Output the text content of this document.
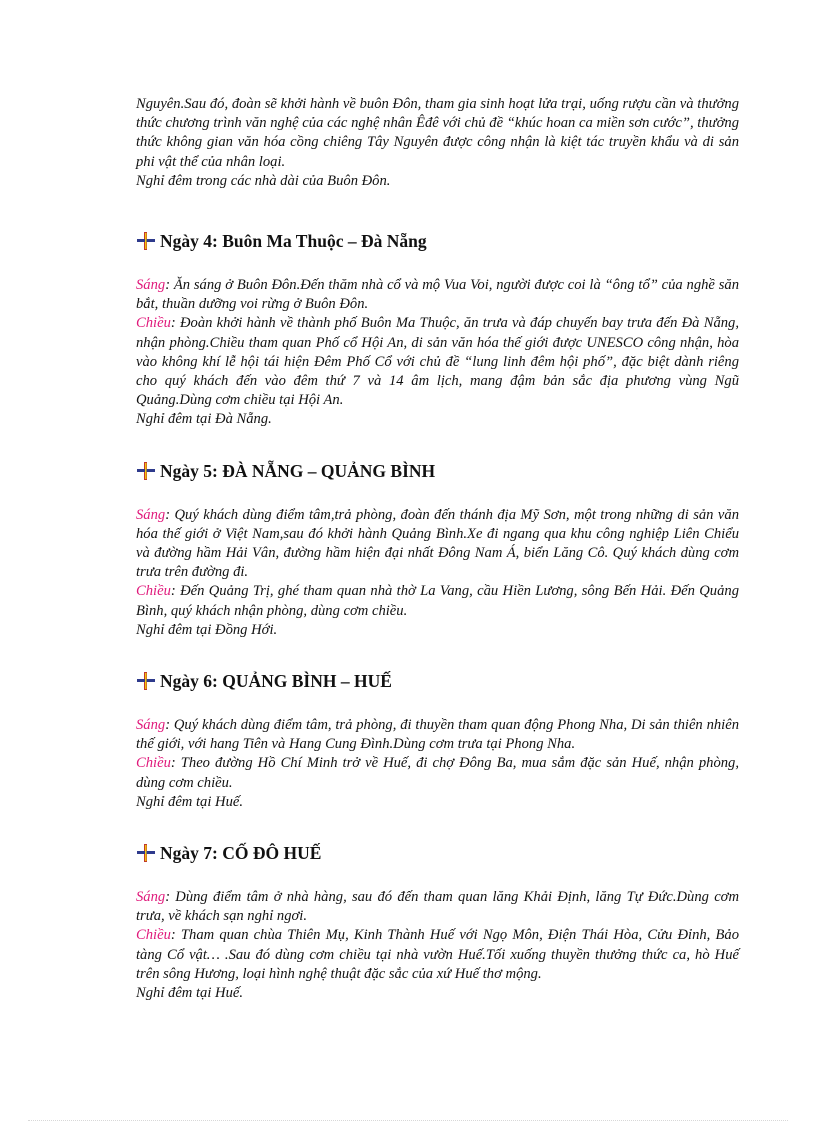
Nguyên.Sau đó, đoàn sẽ khởi hành về buôn Đôn, tham gia sinh hoạt lửa trại, uống rượu cần và thưởng thức chương trình văn nghệ của các nghệ nhân Êđê với chủ đề “khúc hoan ca miền sơn cước”, thưởng thức không gian văn hóa cồng chiêng Tây Nguyên được công nhận là kiệt tác truyền khẩu và di sản phi vật thể của nhân loại.

Nghỉ đêm trong các nhà dài của Buôn Đôn.

Ngày 4: Buôn Ma Thuộc – Đà Nẵng

Sáng: Ăn sáng ở Buôn Đôn.Đến thăm nhà cổ và mộ Vua Voi, người được coi là “ông tổ” của nghề săn bắt, thuần dưỡng voi rừng ở Buôn Đôn.

Chiều: Đoàn khởi hành về thành phố Buôn Ma Thuộc, ăn trưa và đáp chuyến bay trưa đến Đà Nẵng, nhận phòng.Chiều tham quan Phố cổ Hội An, di sản văn hóa thế giới được UNESCO công nhận, hòa vào không khí lễ hội tái hiện Đêm Phố Cổ với chủ đề “lung linh đêm hội phố”, đặc biệt dành riêng cho quý khách đến vào đêm thứ 7 và 14 âm lịch, mang đậm bản sắc địa phương vùng Ngũ Quảng.Dùng cơm chiều tại Hội An.

Nghỉ đêm tại Đà Nẵng.

Ngày 5: ĐÀ NẴNG – QUẢNG BÌNH

Sáng: Quý khách dùng điểm tâm,trả phòng, đoàn đến thánh địa Mỹ Sơn, một trong những di sản văn hóa thế giới ở Việt Nam,sau đó khởi hành Quảng Bình.Xe đi ngang qua khu công nghiệp Liên Chiểu và đường hầm Hải Vân, đường hầm hiện đại nhất Đông Nam Á, biển Lăng Cô. Quý khách dùng cơm trưa trên đường đi.

Chiều: Đến Quảng Trị, ghé tham quan nhà thờ La Vang, cầu Hiền Lương, sông Bến Hải. Đến Quảng Bình, quý khách nhận phòng, dùng cơm chiều.

Nghỉ đêm tại Đồng Hới.

Ngày 6: QUẢNG BÌNH – HUẾ

Sáng: Quý khách dùng điểm tâm, trả phòng, đi thuyền tham quan động Phong Nha, Di sản thiên nhiên thế giới, với hang Tiên và Hang Cung Đình.Dùng cơm trưa tại Phong Nha.

Chiều: Theo đường Hồ Chí Minh trở về Huế, đi chợ Đông Ba, mua sắm đặc sản Huế, nhận phòng, dùng cơm chiều.

Nghỉ đêm tại Huế.

Ngày 7: CỐ ĐÔ HUẾ

Sáng: Dùng điểm tâm ở nhà hàng, sau đó đến tham quan lăng Khải Định, lăng Tự Đức.Dùng cơm trưa, về khách sạn nghỉ ngơi.

Chiều: Tham quan chùa Thiên Mụ, Kinh Thành Huế với Ngọ Môn, Điện Thái Hòa, Cửu Đỉnh, Bảo tàng Cổ vật… .Sau đó dùng cơm chiều tại nhà vườn Huế.Tối xuống thuyền thưởng thức ca, hò Huế trên sông Hương, loại hình nghệ thuật đặc sắc của xứ Huế thơ mộng.

Nghỉ đêm tại Huế.
